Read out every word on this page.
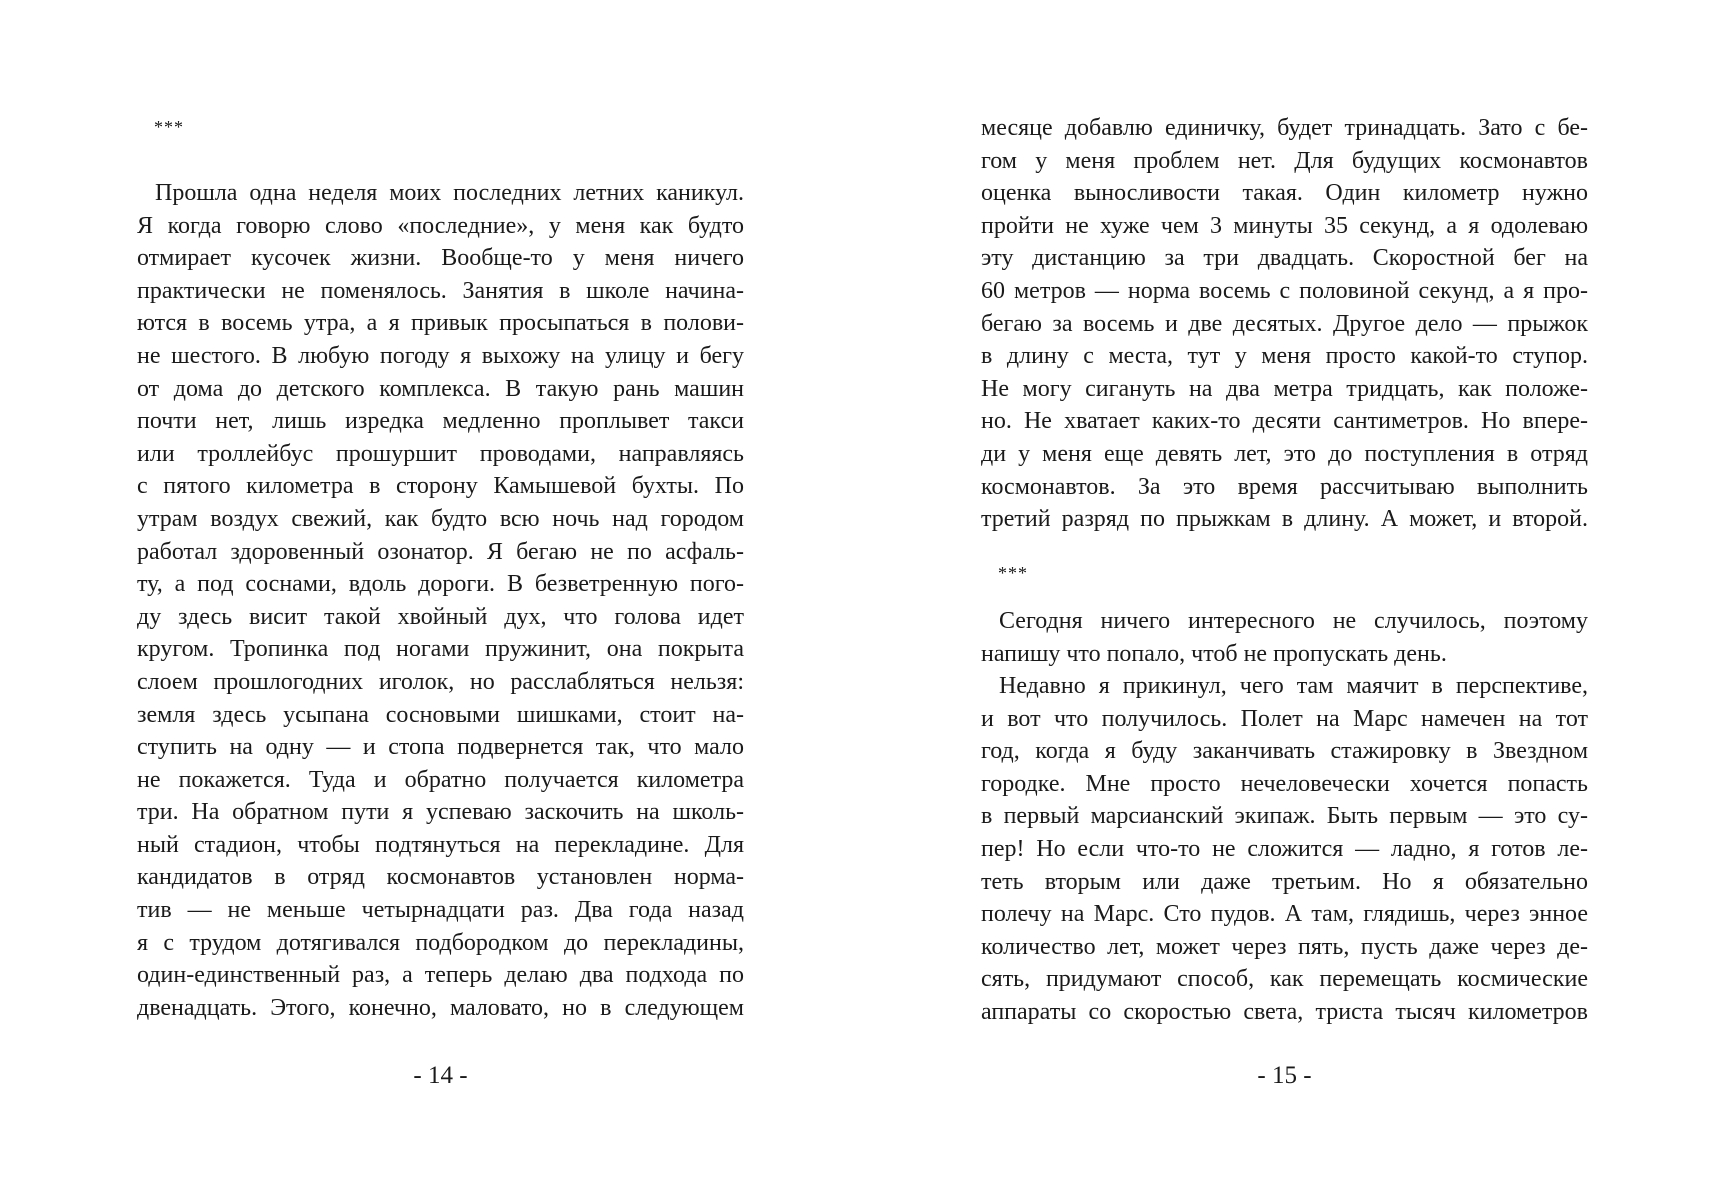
***
Прошла одна неделя моих последних летних каникул.
Я когда говорю слово «последние», у меня как будто
отмирает кусочек жизни. Вообще-то у меня ничего
практически не поменялось. Занятия в школе начина-
ются в восемь утра, а я привык просыпаться в полови-
не шестого. В любую погоду я выхожу на улицу и бегу
от дома до детского комплекса. В такую рань машин
почти нет, лишь изредка медленно проплывет такси
или троллейбус прошуршит проводами, направляясь
с пятого километра в сторону Камышевой бухты. По
утрам воздух свежий, как будто всю ночь над городом
работал здоровенный озонатор. Я бегаю не по асфаль-
ту, а под соснами, вдоль дороги. В безветренную пого-
ду здесь висит такой хвойный дух, что голова идет
кругом. Тропинка под ногами пружинит, она покрыта
слоем прошлогодних иголок, но расслабляться нельзя:
земля здесь усыпана сосновыми шишками, стоит на-
ступить на одну — и стопа подвернется так, что мало
не покажется. Туда и обратно получается километра
три. На обратном пути я успеваю заскочить на школь-
ный стадион, чтобы подтянуться на перекладине. Для
кандидатов в отряд космонавтов установлен норма-
тив — не меньше четырнадцати раз. Два года назад
я с трудом дотягивался подбородком до перекладины,
один-единственный раз, а теперь делаю два подхода по
двенадцать. Этого, конечно, маловато, но в следующем
- 14 -
месяце добавлю единичку, будет тринадцать. Зато с бе-
гом у меня проблем нет. Для будущих космонавтов
оценка выносливости такая. Один километр нужно
пройти не хуже чем 3 минуты 35 секунд, а я одолеваю
эту дистанцию за три двадцать. Скоростной бег на
60 метров — норма восемь с половиной секунд, а я про-
бегаю за восемь и две десятых. Другое дело — прыжок
в длину с места, тут у меня просто какой-то ступор.
Не могу сигануть на два метра тридцать, как положе-
но. Не хватает каких-то десяти сантиметров. Но впере-
ди у меня еще девять лет, это до поступления в отряд
космонавтов. За это время рассчитываю выполнить
третий разряд по прыжкам в длину. А может, и второй.
***
Сегодня ничего интересного не случилось, поэтому
напишу что попало, чтоб не пропускать день.
Недавно я прикинул, чего там маячит в перспективе,
и вот что получилось. Полет на Марс намечен на тот
год, когда я буду заканчивать стажировку в Звездном
городке. Мне просто нечеловечески хочется попасть
в первый марсианский экипаж. Быть первым — это су-
пер! Но если что-то не сложится — ладно, я готов ле-
теть вторым или даже третьим. Но я обязательно
полечу на Марс. Сто пудов. А там, глядишь, через энное
количество лет, может через пять, пусть даже через де-
сять, придумают способ, как перемещать космические
аппараты со скоростью света, триста тысяч километров
- 15 -
